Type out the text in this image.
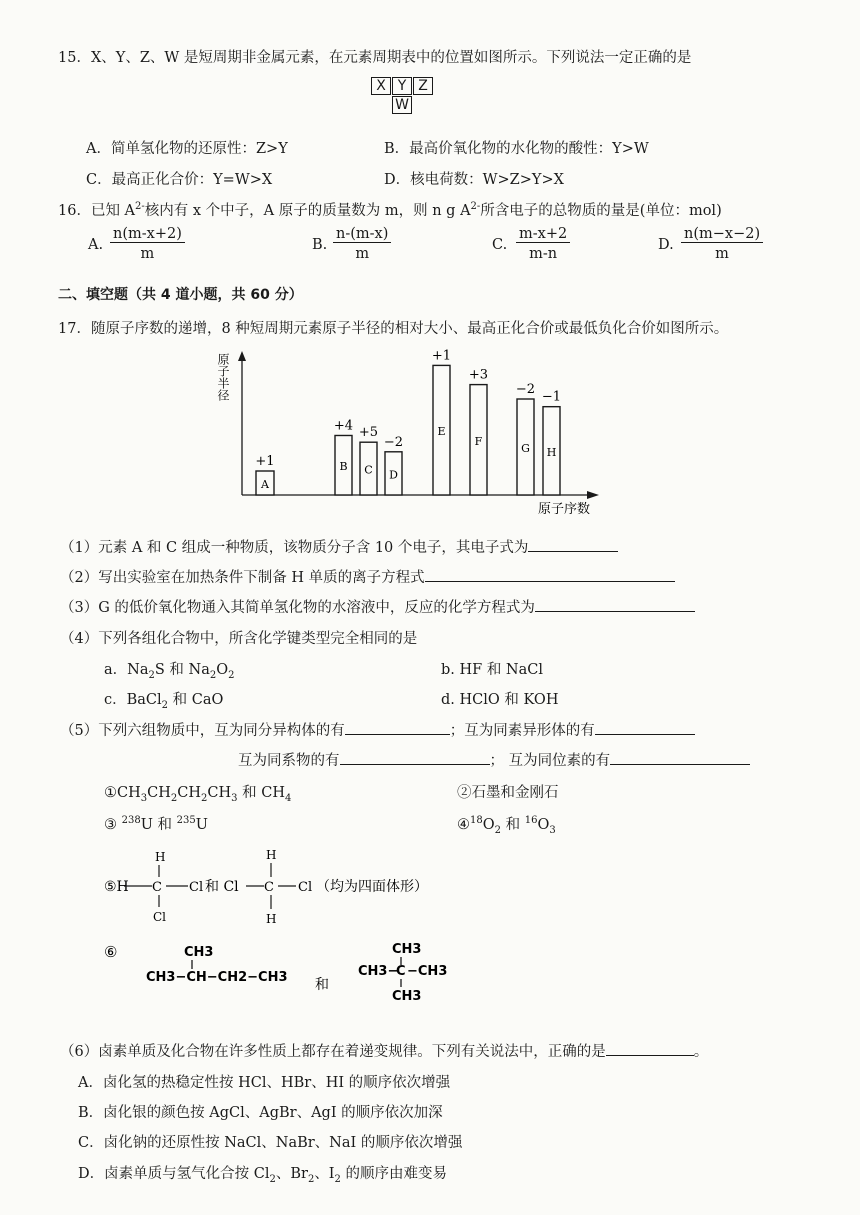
15．X、Y、Z、W 是短周期非金属元素，在元素周期表中的位置如图所示。下列说法一定正确的是
X Y Z
W
A．简单氢化物的还原性：Z>Y	B．最高价氧化物的水化物的酸性：Y>W
C．最高正化合价：Y=W>X	D．核电荷数：W>Z>Y>X
16．已知 $A^{2-}$核内有 x 个中子，A 原子的质量数为 m，则 n g $A^{2-}$所含电子的总物质的量是(单位：mol)
A. $\frac{n(m-x+2)}{m}$	B. $\frac{n-(m-x)}{m}$	C. $\frac{m-x+2}{m-n}$	D. $\frac{n(m-x-2)}{m}$
二、填空题（共 4 道小题，共 60 分）
17．随原子序数的递增，8 种短周期元素原子半径的相对大小、最高正化合价或最低负化合价如图所示。
原子半径
原子序数
A
+1	B
+4
C
+5
D
−2
E
+1
F
+3
G
−2
H
−1
（1）元素 A 和 C 组成一种物质，该物质分子含 10 个电子，其电子式为
（2）写出实验室在加热条件下制备 H 单质的离子方程式
（3）G 的低价氧化物通入其简单氢化物的水溶液中，反应的化学方程式为
（4）下列各组化合物中，所含化学键类型完全相同的是
a．$Na_2S$ 和 $Na_2O_2$	b. HF 和 NaCl
c．BaCl$_2$ 和 CaO	d. HClO 和 KOH
（5）下列六组物质中，互为同分异构体的有	；互为同素异形体的有
互为同系物的有	； 互为同位素的有
$①CH_3CH_2CH_2CH_3$ 和 $CH_4$	②石墨和金刚石
③ $^{238}$U 和 $^{235}$U	$④^{18}O_2$ 和 $^{16}O_3$
⑤H C Cl
H
Cl
和 Cl C Cl
H
H
（均为四面体形）
⑥	CH3
CH3−CH−CH2−CH3 和
CH3
CH3−
C −CH3
CH3
（6）卤素单质及化合物在许多性质上都存在着递变规律。下列有关说法中，正确的是	。
A．卤化氢的热稳定性按 HCl、HBr、HI 的顺序依次增强
B．卤化银的颜色按 AgCl、AgBr、AgI 的顺序依次加深
C．卤化钠的还原性按 NaCl、NaBr、NaI 的顺序依次增强
D．卤素单质与氢气化合按 $Cl_2$、$Br_2$、$I_2$ 的顺序由难变易
